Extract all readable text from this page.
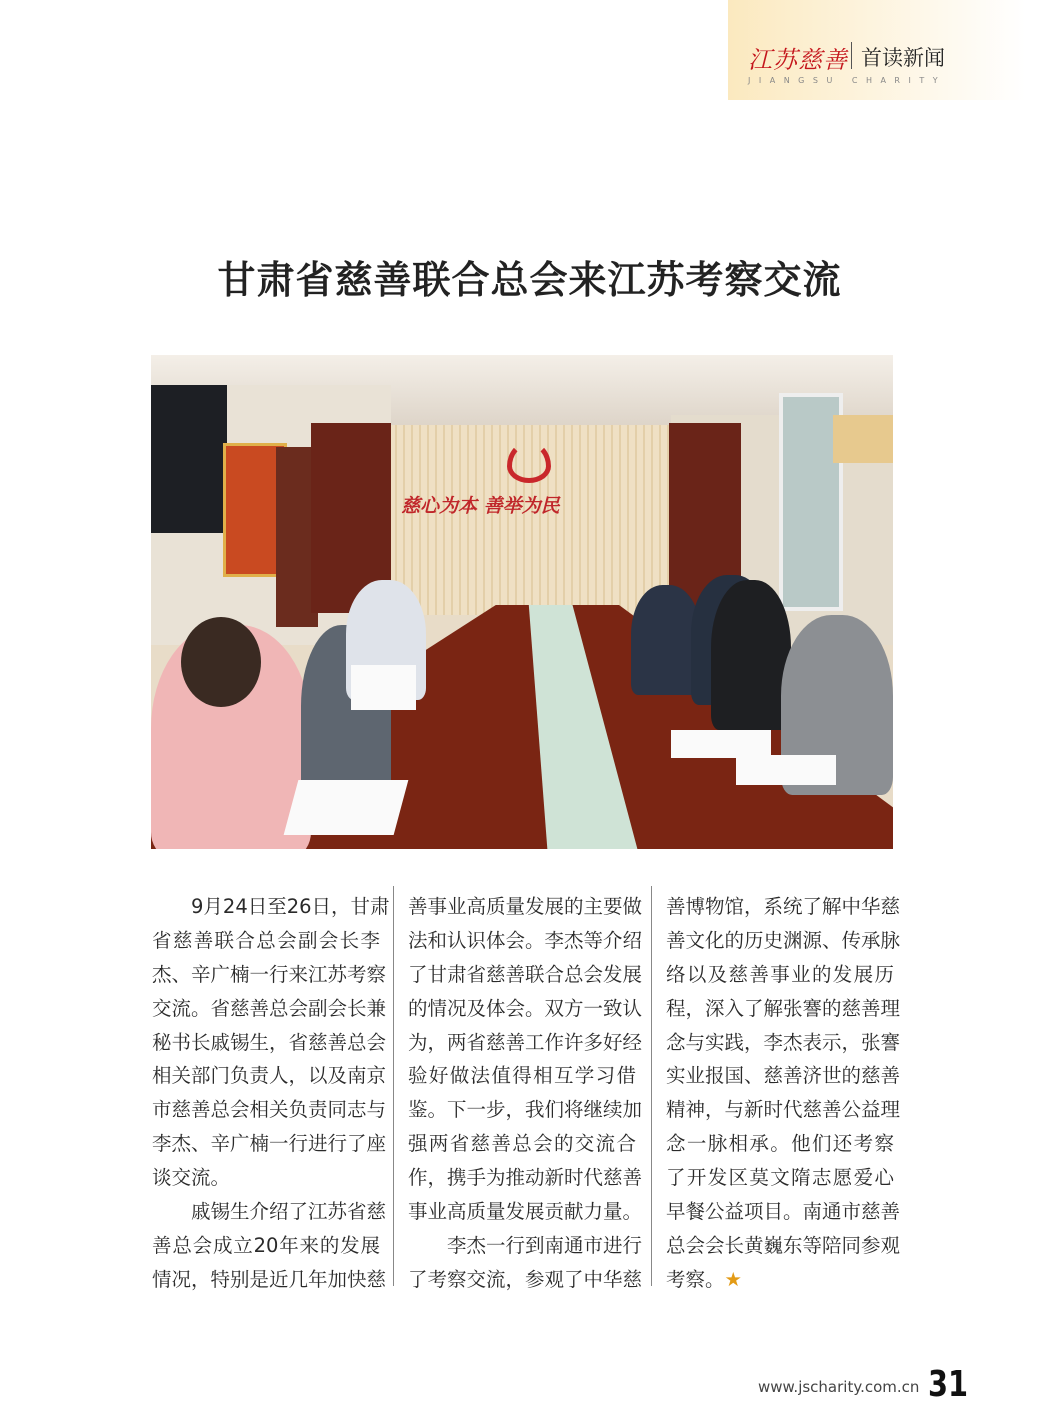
江苏慈善 首读新闻
JIANGSU CHARITY
甘肃省慈善联合总会来江苏考察交流
慈心为本 善举为民
9月24日至26日，甘肃
省慈善联合总会副会长李
杰、辛广楠一行来江苏考察
交流。省慈善总会副会长兼
秘书长戚锡生，省慈善总会
相关部门负责人，以及南京
市慈善总会相关负责同志与
李杰、辛广楠一行进行了座
谈交流。
戚锡生介绍了江苏省慈
善总会成立20年来的发展
情况，特别是近几年加快慈
善事业高质量发展的主要做
法和认识体会。李杰等介绍
了甘肃省慈善联合总会发展
的情况及体会。双方一致认
为，两省慈善工作许多好经
验好做法值得相互学习借
鉴。下一步，我们将继续加
强两省慈善总会的交流合
作，携手为推动新时代慈善
事业高质量发展贡献力量。
李杰一行到南通市进行
了考察交流，参观了中华慈
善博物馆，系统了解中华慈
善文化的历史渊源、传承脉
络以及慈善事业的发展历
程，深入了解张謇的慈善理
念与实践，李杰表示，张謇
实业报国、慈善济世的慈善
精神，与新时代慈善公益理
念一脉相承。他们还考察
了开发区莫文隋志愿爱心
早餐公益项目。南通市慈善
总会会长黄巍东等陪同参观
考察。★
www.jscharity.com.cn 31
